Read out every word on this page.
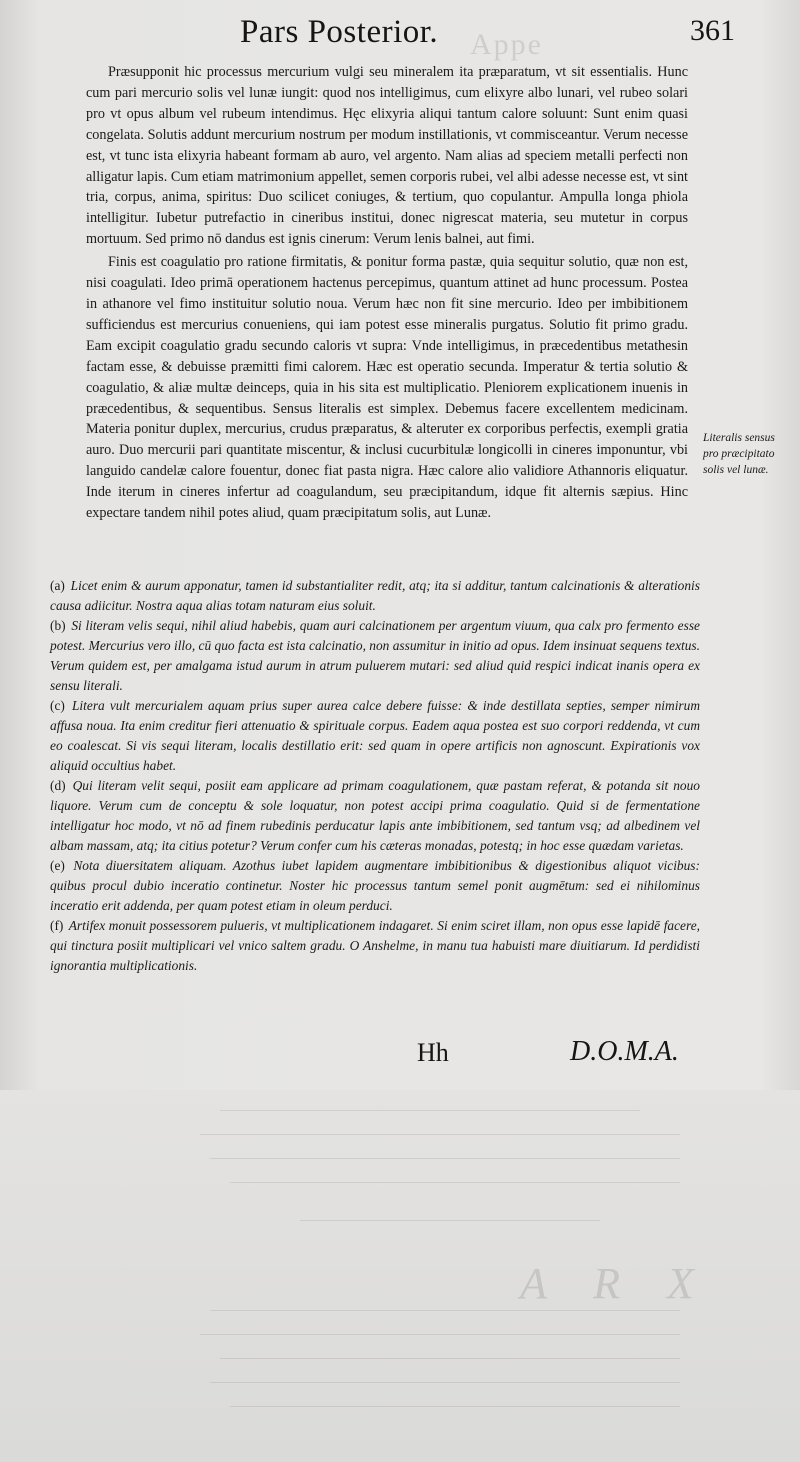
Appe
Pars Posterior.	361

Præsupponit hic processus mercurium vulgi seu mineralem ita præparatum, vt sit essentialis. Hunc cum pari mercurio solis vel lunæ iungit: quod nos intelligimus, cum elixyre albo lunari, vel rubeo solari pro vt opus album vel rubeum intendimus. Hęc elixyria aliqui tantum calore soluunt: Sunt enim quasi congelata. Solutis addunt mercurium nostrum per modum instillationis, vt commisceantur. Verum necesse est, vt tunc ista elixyria habeant formam ab auro, vel argento. Nam alias ad speciem metalli perfecti non alligatur lapis. Cum etiam matrimonium appellet, semen corporis rubei, vel albi adesse necesse est, vt sint tria, corpus, anima, spiritus: Duo scilicet coniuges, & tertium, quo copulantur. Ampulla longa phiola intelligitur. Iubetur putrefactio in cineribus institui, donec nigrescat materia, seu mutetur in corpus mortuum. Sed primo nō dandus est ignis cinerum: Verum lenis balnei, aut fimi.

Finis est coagulatio pro ratione firmitatis, & ponitur forma pastæ, quia sequitur solutio, quæ non est, nisi coagulati. Ideo primā operationem hactenus percepimus, quantum attinet ad hunc processum. Postea in athanore vel fimo instituitur solutio noua. Verum hæc non fit sine mercurio. Ideo per imbibitionem sufficiendus est mercurius conueniens, qui iam potest esse mineralis purgatus. Solutio fit primo gradu. Eam excipit coagulatio gradu secundo caloris vt supra: Vnde intelligimus, in præcedentibus metathesin factam esse, & debuisse præmitti fimi calorem. Hæc est operatio secunda. Imperatur & tertia solutio & coagulatio, & aliæ multæ deinceps, quia in his sita est multiplicatio. Pleniorem explicationem inuenis in præcedentibus, & sequentibus. Sensus literalis est simplex. Debemus facere excellentem medicinam. Materia ponitur duplex, mercurius, crudus præparatus, & alteruter ex corporibus perfectis, exempli gratia auro. Duo mercurii pari quantitate miscentur, & inclusi cucurbitulæ longicolli in cineres imponuntur, vbi languido candelæ calore fouentur, donec fiat pasta nigra. Hæc calore alio validiore Athannoris eliquatur. Inde iterum in cineres infertur ad coagulandum, seu præcipitandum, idque fit alternis sæpius. Hinc expectare tandem nihil potes aliud, quam præcipitatum solis, aut Lunæ.

Literalis sensus pro præcipitato solis vel lunæ.

(a) Licet enim & aurum apponatur, tamen id substantialiter redit, atq; ita si additur, tantum calcinationis & alterationis causa adiicitur. Nostra aqua alias totam naturam eius soluit.

(b) Si literam velis sequi, nihil aliud habebis, quam auri calcinationem per argentum viuum, qua calx pro fermento esse potest. Mercurius vero illo, cū quo facta est ista calcinatio, non assumitur in initio ad opus. Idem insinuat sequens textus. Verum quidem est, per amalgama istud aurum in atrum puluerem mutari: sed aliud quid respici indicat inanis opera ex sensu literali.

(c) Litera vult mercurialem aquam prius super aurea calce debere fuisse: & inde destillata septies, semper nimirum affusa noua. Ita enim creditur fieri attenuatio & spirituale corpus. Eadem aqua postea est suo corpori reddenda, vt cum eo coalescat. Si vis sequi literam, localis destillatio erit: sed quam in opere artificis non agnoscunt. Expirationis vox aliquid occultius habet.

(d) Qui literam velit sequi, posiit eam applicare ad primam coagulationem, quæ pastam referat, & potanda sit nouo liquore. Verum cum de conceptu & sole loquatur, non potest accipi prima coagulatio. Quid si de fermentatione intelligatur hoc modo, vt nō ad finem rubedinis perducatur lapis ante imbibitionem, sed tantum vsq; ad albedinem vel albam massam, atq; ita citius potetur? Verum confer cum his cæteras monadas, potestq; in hoc esse quædam varietas.

(e) Nota diuersitatem aliquam. Azothus iubet lapidem augmentare imbibitionibus & digestionibus aliquot vicibus: quibus procul dubio inceratio continetur. Noster hic processus tantum semel ponit augmētum: sed ei nihilominus inceratio erit addenda, per quam potest etiam in oleum perduci.

(f) Artifex monuit possessorem pulueris, vt multiplicationem indagaret. Si enim sciret illam, non opus esse lapidē facere, qui tinctura posiit multiplicari vel vnico saltem gradu. O Anshelme, in manu tua habuisti mare diuitiarum. Id perdidisti ignorantia multiplicationis.

Hh	D.O.M.A.
A R X
